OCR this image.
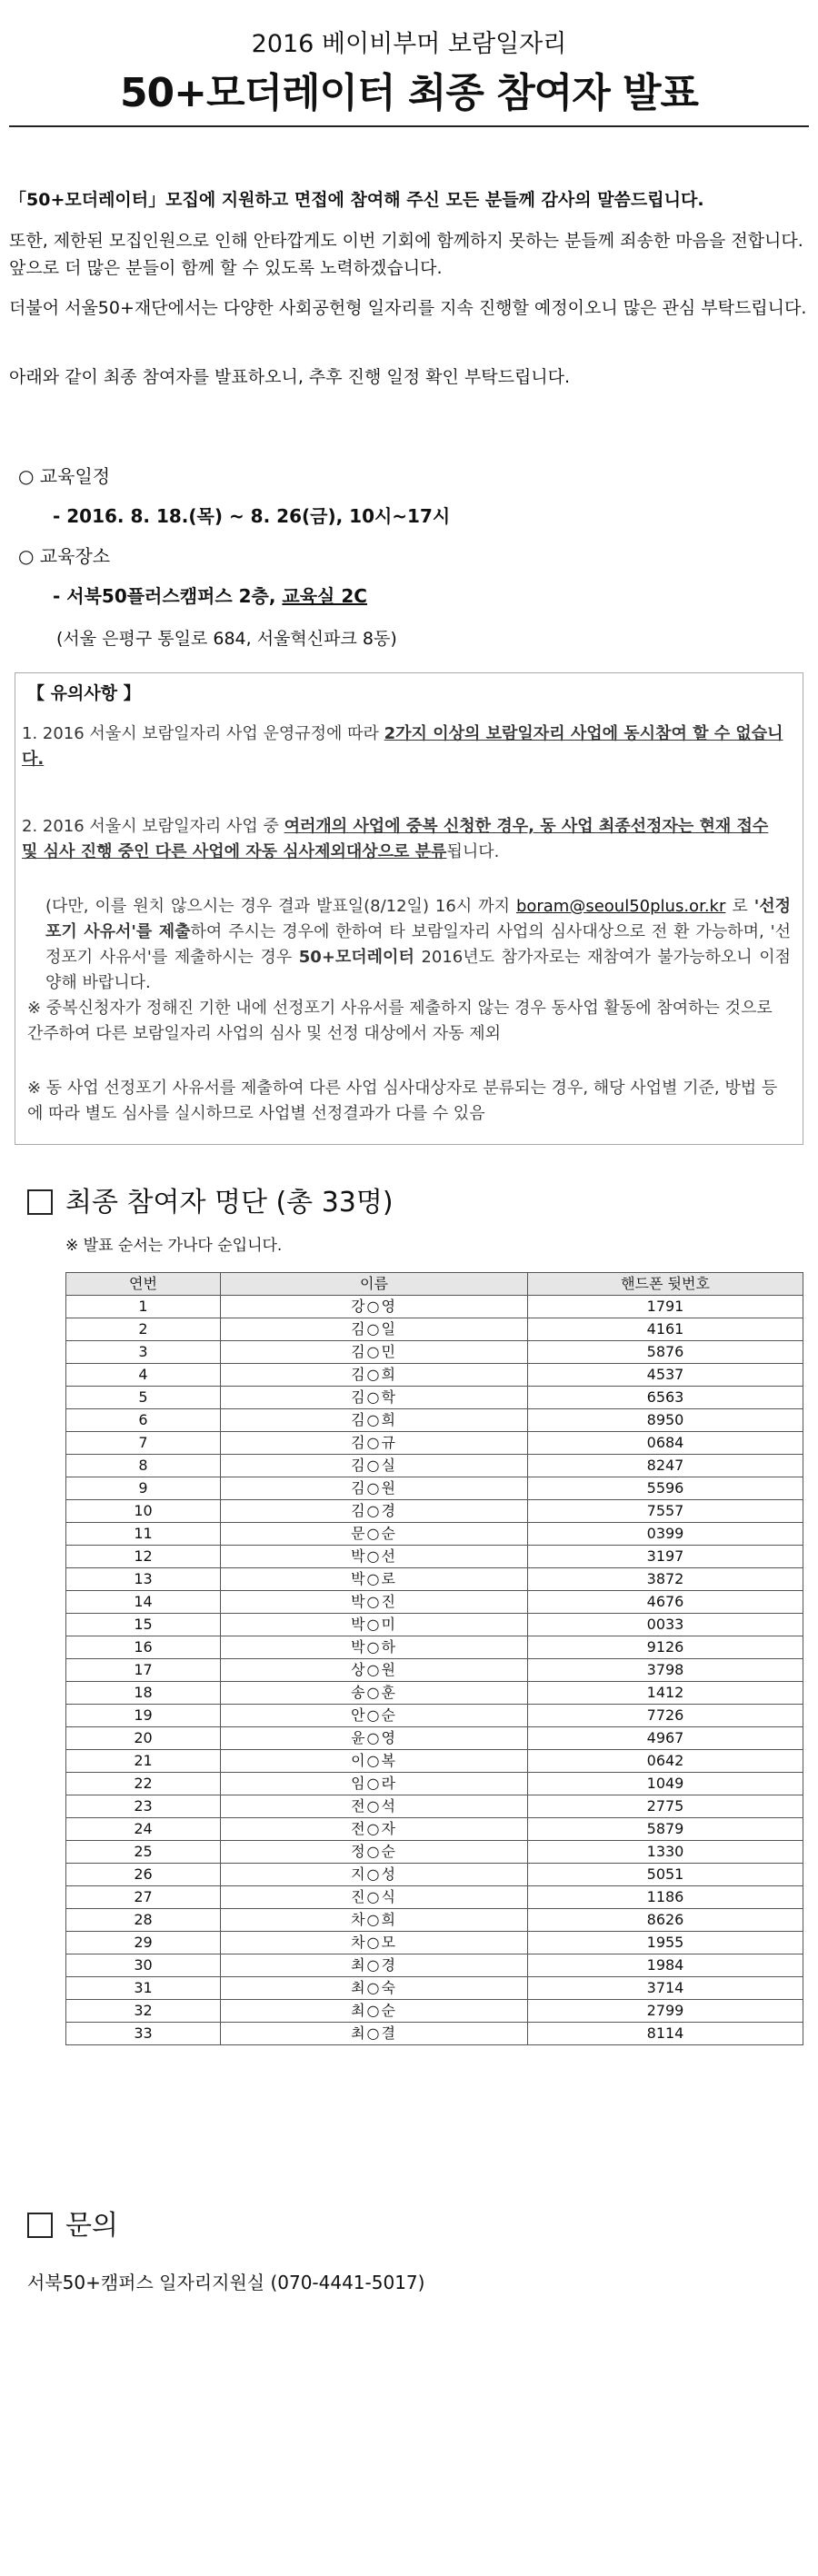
2016 베이비부머 보람일자리
50+모더레이터 최종 참여자 발표
「50+모더레이터」모집에 지원하고 면접에 참여해 주신 모든 분들께 감사의 말씀드립니다.
또한, 제한된 모집인원으로 인해 안타깝게도 이번 기회에 함께하지 못하는 분들께 죄송한 마음을 전합니다. 앞으로 더 많은 분들이 함께 할 수 있도록 노력하겠습니다.
더불어 서울50+재단에서는 다양한 사회공헌형 일자리를 지속 진행할 예정이오니 많은 관심 부탁드립니다.
아래와 같이 최종 참여자를 발표하오니, 추후 진행 일정 확인 부탁드립니다.
○ 교육일정
- 2016. 8. 18.(목) ~ 8. 26(금), 10시~17시
○ 교육장소
- 서북50플러스캠퍼스 2층, 교육실 2C
(서울 은평구 통일로 684, 서울혁신파크 8동)
【 유의사항 】
1. 2016 서울시 보람일자리 사업 운영규정에 따라 2가지 이상의 보람일자리 사업에 동시참여 할 수 없습니다.
2. 2016 서울시 보람일자리 사업 중 여러개의 사업에 중복 신청한 경우, 동 사업 최종선정자는 현재 접수 및 심사 진행 중인 다른 사업에 자동 심사제외대상으로 분류됩니다.
(다만, 이를 원치 않으시는 경우 결과 발표일(8/12일) 16시 까지 boram@seoul50plus.or.kr 로 '선정포기 사유서'를 제출하여 주시는 경우에 한하여 타 보람일자리 사업의 심사대상으로 전 환 가능하며, '선정포기 사유서'를 제출하시는 경우 50+모더레이터 2016년도 참가자로는 재참여가 불가능하오니 이점 양해 바랍니다.
※ 중복신청자가 정해진 기한 내에 선정포기 사유서를 제출하지 않는 경우 동사업 활동에 참여하는 것으로 간주하여 다른 보람일자리 사업의 심사 및 선정 대상에서 자동 제외
※ 동 사업 선정포기 사유서를 제출하여 다른 사업 심사대상자로 분류되는 경우, 해당 사업별 기준, 방법 등에 따라 별도 심사를 실시하므로 사업별 선정결과가 다를 수 있음
최종 참여자 명단 (총 33명)
※ 발표 순서는 가나다 순입니다.
연번	이름	핸드폰 뒷번호
1	강○영	1791
2	김○일	4161
3	김○민	5876
4	김○희	4537
5	김○학	6563
6	김○희	8950
7	김○규	0684
8	김○실	8247
9	김○원	5596
10	김○경	7557
11	문○순	0399
12	박○선	3197
13	박○로	3872
14	박○진	4676
15	박○미	0033
16	박○하	9126
17	상○원	3798
18	송○훈	1412
19	안○순	7726
20	윤○영	4967
21	이○복	0642
22	임○라	1049
23	전○석	2775
24	전○자	5879
25	정○순	1330
26	지○성	5051
27	진○식	1186
28	차○희	8626
29	차○모	1955
30	최○경	1984
31	최○숙	3714
32	최○순	2799
33	최○결	8114
문의
서북50+캠퍼스 일자리지원실 (070-4441-5017)
